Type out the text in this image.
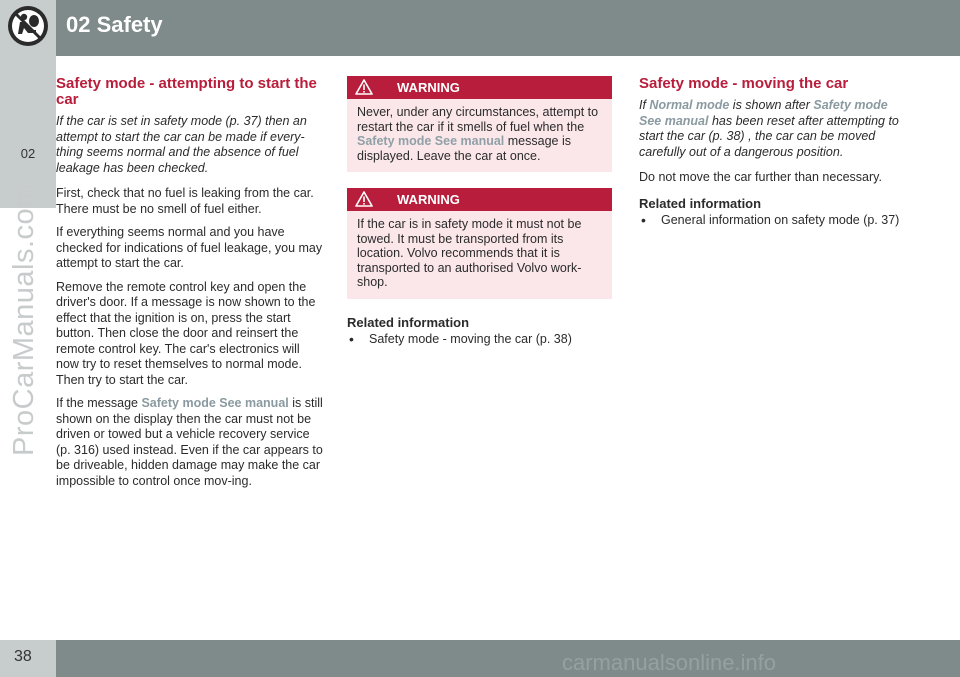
02 Safety
02
ProCarManuals.com
38	carmanualsonline.info
Safety mode - attempting to start the car

If the car is set in safety mode (p. 37) then an attempt to start the car can be made if every-thing seems normal and the absence of fuel leakage has been checked.

First, check that no fuel is leaking from the car. There must be no smell of fuel either.

If everything seems normal and you have checked for indications of fuel leakage, you may attempt to start the car.

Remove the remote control key and open the driver's door. If a message is now shown to the effect that the ignition is on, press the start button. Then close the door and reinsert the remote control key. The car's electronics will now try to reset themselves to normal mode. Then try to start the car.

If the message Safety mode See manual is still shown on the display then the car must not be driven or towed but a vehicle recovery service (p. 316) used instead. Even if the car appears to be driveable, hidden damage may make the car impossible to control once mov-ing.

WARNING
Never, under any circumstances, attempt to restart the car if it smells of fuel when the Safety mode See manual message is displayed. Leave the car at once.
WARNING
If the car is in safety mode it must not be towed. It must be transported from its location. Volvo recommends that it is transported to an authorised Volvo work-shop.
Related information
• Safety mode - moving the car (p. 38)
Safety mode - moving the car

If Normal mode is shown after Safety mode See manual has been reset after attempting to start the car (p. 38) , the car can be moved carefully out of a dangerous position.

Do not move the car further than necessary.

Related information
• General information on safety mode (p. 37)
